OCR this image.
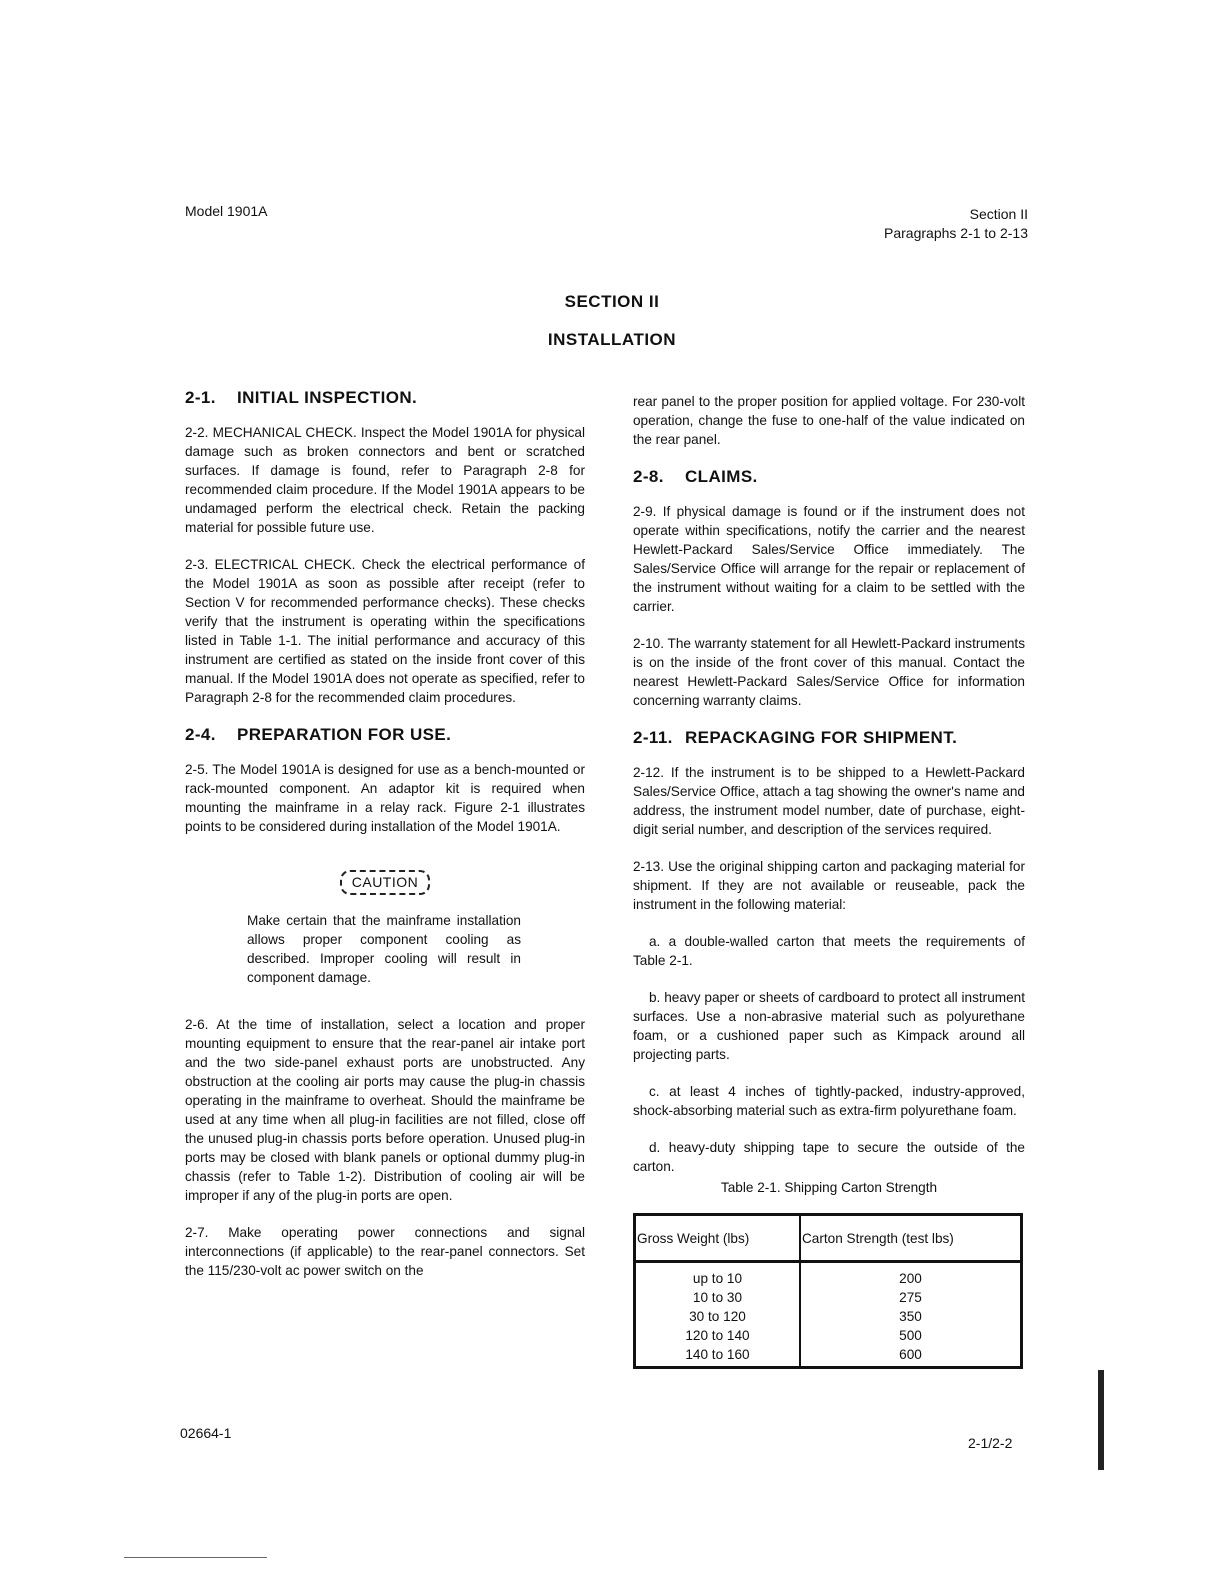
Model 1901A	Section II
Paragraphs 2-1 to 2-13
SECTION II
INSTALLATION
2-1. INITIAL INSPECTION.

2-2. MECHANICAL CHECK. Inspect the Model 1901A for physical damage such as broken connectors and bent or scratched surfaces. If damage is found, refer to Paragraph 2-8 for recommended claim procedure. If the Model 1901A appears to be undamaged perform the electrical check. Retain the packing material for possible future use.

2-3. ELECTRICAL CHECK. Check the electrical performance of the Model 1901A as soon as possible after receipt (refer to Section V for recommended performance checks). These checks verify that the instrument is operating within the specifications listed in Table 1-1. The initial performance and accuracy of this instrument are certified as stated on the inside front cover of this manual. If the Model 1901A does not operate as specified, refer to Paragraph 2-8 for the recommended claim procedures.

2-4. PREPARATION FOR USE.

2-5. The Model 1901A is designed for use as a bench-mounted or rack-mounted component. An adaptor kit is required when mounting the mainframe in a relay rack. Figure 2-1 illustrates points to be considered during installation of the Model 1901A.

CAUTION
Make certain that the mainframe installation allows proper component cooling as described. Improper cooling will result in component damage.

2-6. At the time of installation, select a location and proper mounting equipment to ensure that the rear-panel air intake port and the two side-panel exhaust ports are unobstructed. Any obstruction at the cooling air ports may cause the plug-in chassis operating in the mainframe to overheat. Should the mainframe be used at any time when all plug-in facilities are not filled, close off the unused plug-in chassis ports before operation. Unused plug-in ports may be closed with blank panels or optional dummy plug-in chassis (refer to Table 1-2). Distribution of cooling air will be improper if any of the plug-in ports are open.

2-7. Make operating power connections and signal interconnections (if applicable) to the rear-panel connectors. Set the 115/230-volt ac power switch on the

rear panel to the proper position for applied voltage. For 230-volt operation, change the fuse to one-half of the value indicated on the rear panel.

2-8. CLAIMS.

2-9. If physical damage is found or if the instrument does not operate within specifications, notify the carrier and the nearest Hewlett-Packard Sales/Service Office immediately. The Sales/Service Office will arrange for the repair or replacement of the instrument without waiting for a claim to be settled with the carrier.

2-10. The warranty statement for all Hewlett-Packard instruments is on the inside of the front cover of this manual. Contact the nearest Hewlett-Packard Sales/Service Office for information concerning warranty claims.

2-11. REPACKAGING FOR SHIPMENT.

2-12. If the instrument is to be shipped to a Hewlett-Packard Sales/Service Office, attach a tag showing the owner's name and address, the instrument model number, date of purchase, eight-digit serial number, and description of the services required.

2-13. Use the original shipping carton and packaging material for shipment. If they are not available or reuseable, pack the instrument in the following material:

a. a double-walled carton that meets the requirements of Table 2-1.

b. heavy paper or sheets of cardboard to protect all instrument surfaces. Use a non-abrasive material such as polyurethane foam, or a cushioned paper such as Kimpack around all projecting parts.

c. at least 4 inches of tightly-packed, industry-approved, shock-absorbing material such as extra-firm polyurethane foam.

d. heavy-duty shipping tape to secure the outside of the carton.

Table 2-1. Shipping Carton Strength
Gross Weight (lbs)	Carton Strength (test lbs)
up to 10	200
10 to 30	275
30 to 120	350
120 to 140	500
140 to 160	600
02664-1
2-1/2-2
